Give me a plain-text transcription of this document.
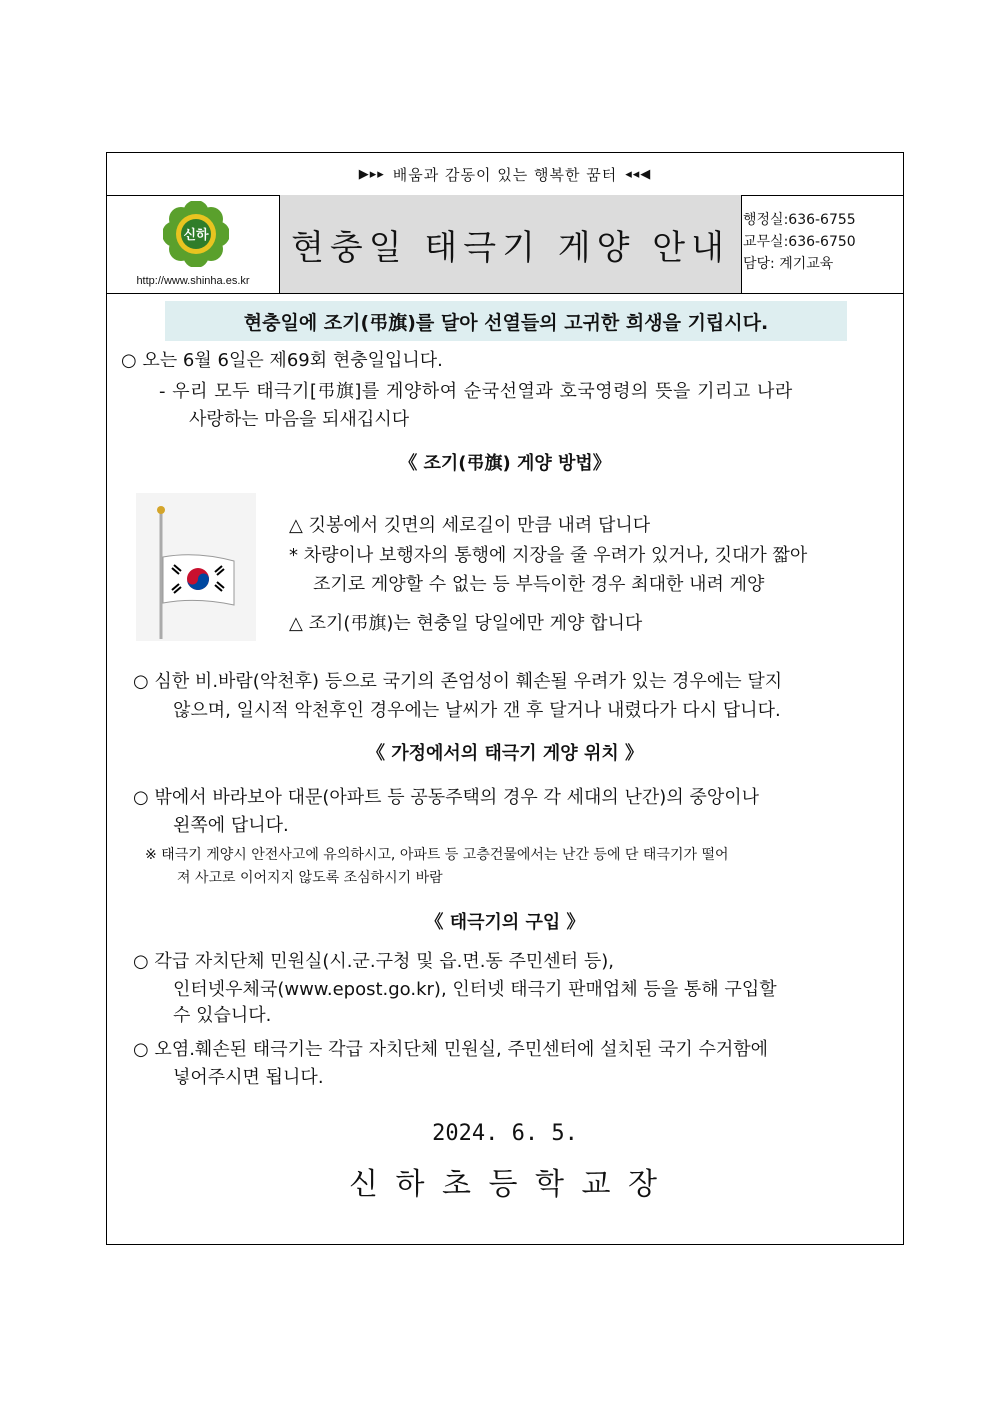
▶▸▸ 배움과 감동이 있는 행복한 꿈터 ◂◂◀
신하
http://www.shinha.es.kr
현충일 태극기 게양 안내
행정실:636-6755
교무실:636-6750
담당: 계기교육
현충일에 조기(弔旗)를 달아 선열들의 고귀한 희생을 기립시다.
○ 오는 6월 6일은 제69회 현충일입니다.
- 우리 모두 태극기[弔旗]를 게양하여 순국선열과 호국영령의 뜻을 기리고 나라
사랑하는 마음을 되새깁시다
《 조기(弔旗) 게양 방법》
△ 깃봉에서 깃면의 세로길이 만큼 내려 답니다
* 차량이나 보행자의 통행에 지장을 줄 우려가 있거나, 깃대가 짧아
조기로 게양할 수 없는 등 부득이한 경우 최대한 내려 게양
△ 조기(弔旗)는 현충일 당일에만 게양 합니다
○ 심한 비.바람(악천후) 등으로 국기의 존엄성이 훼손될 우려가 있는 경우에는 달지
않으며, 일시적 악천후인 경우에는 날씨가 갠 후 달거나 내렸다가 다시 답니다.
《 가정에서의 태극기 게양 위치 》
○ 밖에서 바라보아 대문(아파트 등 공동주택의 경우 각 세대의 난간)의 중앙이나
왼쪽에 답니다.
※ 태극기 게양시 안전사고에 유의하시고, 아파트 등 고층건물에서는 난간 등에 단 태극기가 떨어
져 사고로 이어지지 않도록 조심하시기 바람
《 태극기의 구입 》
○ 각급 자치단체 민원실(시.군.구청 및 읍.면.동 주민센터 등),
인터넷우체국(www.epost.go.kr), 인터넷 태극기 판매업체 등을 통해 구입할
수 있습니다.
○ 오염.훼손된 태극기는 각급 자치단체 민원실, 주민센터에 설치된 국기 수거함에
넣어주시면 됩니다.
2024. 6. 5.
신 하 초 등 학 교 장
